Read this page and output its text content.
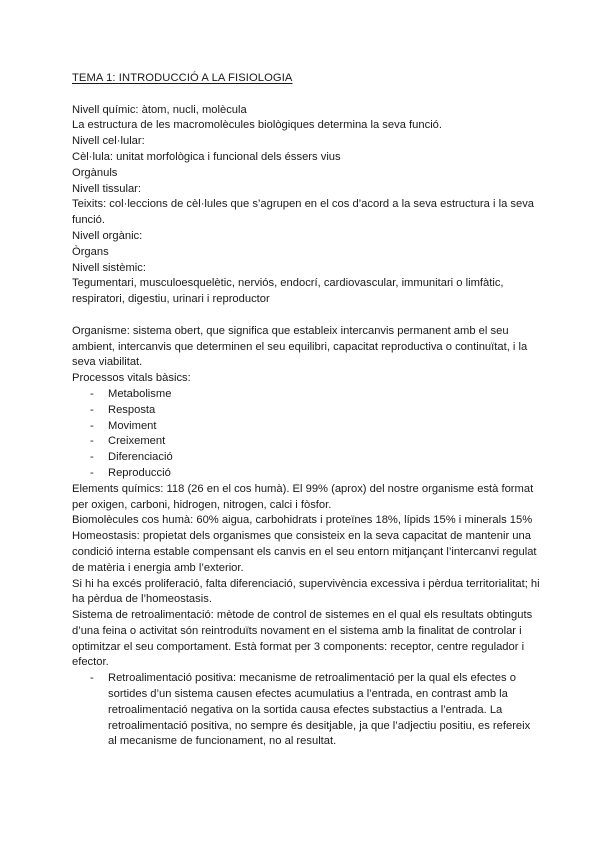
TEMA 1: INTRODUCCIÓ A LA FISIOLOGIA

Nivell químic: àtom, nucli, molècula

La estructura de les macromolècules biològiques determina la seva funció.

Nivell cel·lular:

Cèl·lula: unitat morfològica i funcional dels éssers vius

Orgànuls

Nivell tissular:

Teixits: col·leccions de cèl·lules que s’agrupen en el cos d’acord a la seva estructura i la seva funció.

Nivell orgànic:

Òrgans

Nivell sistèmic:

Tegumentari, musculoesquelètic, nerviós, endocrí, cardiovascular, immunitari o limfàtic, respiratori, digestiu, urinari i reproductor

Organisme: sistema obert, que significa que estableix intercanvis permanent amb el seu ambient, intercanvis que determinen el seu equilibri, capacitat reproductiva o continuïtat, i la seva viabilitat.

Processos vitals bàsics:

- Metabolisme
- Resposta
- Moviment
- Creixement
- Diferenciació
- Reproducció

Elements químics: 118 (26 en el cos humà). El 99% (aprox) del nostre organisme està format per oxigen, carboni, hidrogen, nitrogen, calci i fòsfor.

Biomolècules cos humà: 60% aigua, carbohidrats i proteïnes 18%, lípids 15% i minerals 15%

Homeostasis: propietat dels organismes que consisteix en la seva capacitat de mantenir una condició interna estable compensant els canvis en el seu entorn mitjançant l’intercanvi regulat de matèria i energia amb l’exterior.

Si hi ha excés proliferació, falta diferenciació, supervivència excessiva i pèrdua territorialitat; hi ha pèrdua de l’homeostasis.

Sistema de retroalimentació: mètode de control de sistemes en el qual els resultats obtinguts d’una feina o activitat són reintroduïts novament en el sistema amb la finalitat de controlar i optimitzar el seu comportament. Està format per 3 components: receptor, centre regulador i efector.

- Retroalimentació positiva: mecanisme de retroalimentació per la qual els efectes o sortides d’un sistema causen efectes acumulatius a l’entrada, en contrast amb la retroalimentació negativa on la sortida causa efectes substactius a l’entrada. La retroalimentació positiva, no sempre és desitjable, ja que l’adjectiu positiu, es refereix al mecanisme de funcionament, no al resultat.
